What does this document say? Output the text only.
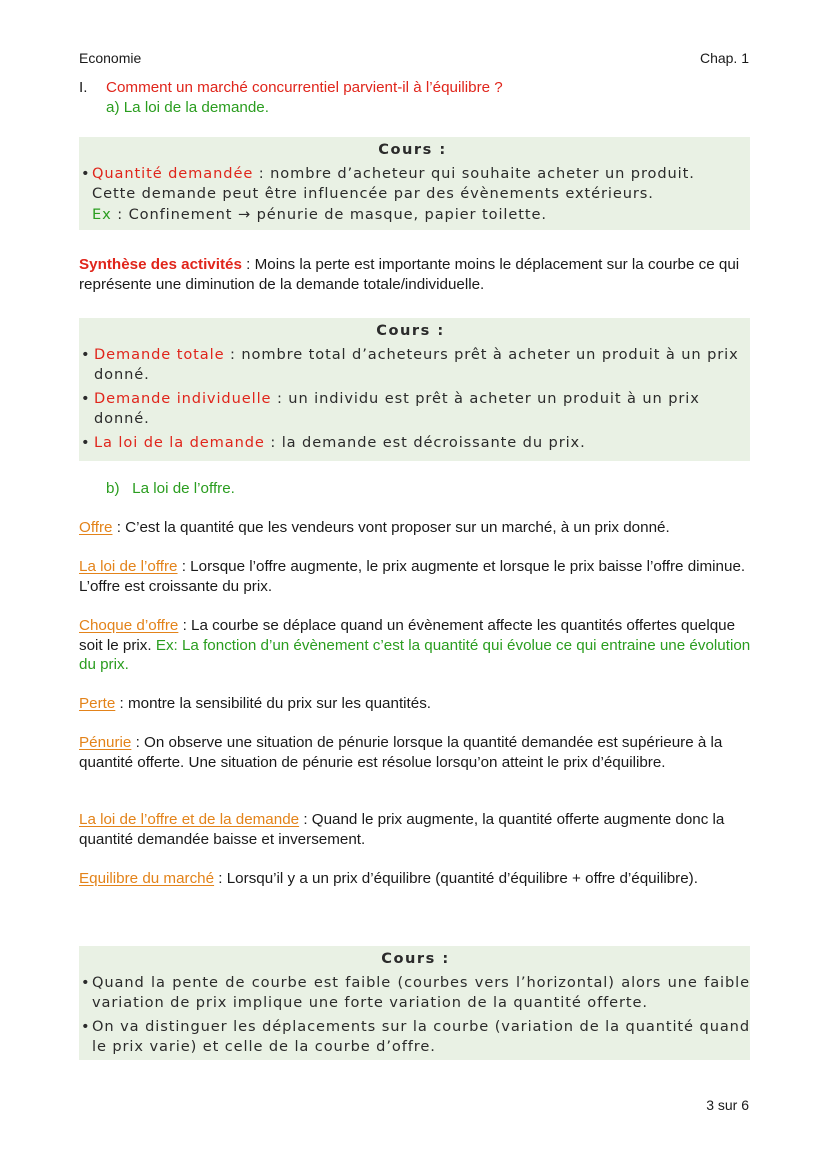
Economie	Chap. 1
I. Comment un marché concurrentiel parvient-il à l’équilibre ?
a) La loi de la demande.
Cours :
• Quantité demandée : nombre d’acheteur qui souhaite acheter un produit.
Cette demande peut être influencée par des évènements extérieurs.
Ex : Confinement → pénurie de masque, papier toilette.
Synthèse des activités : Moins la perte est importante moins le déplacement sur la courbe ce qui représente une diminution de la demande totale/individuelle.
Cours :
• Demande totale : nombre total d’acheteurs prêt à acheter un produit à un prix donné.
• Demande individuelle : un individu est prêt à acheter un produit à un prix donné.
• La loi de la demande : la demande est décroissante du prix.
b)   La loi de l’offre.
Offre : C’est la quantité que les vendeurs vont proposer sur un marché, à un prix donné.
La loi de l’offre : Lorsque l’offre augmente, le prix augmente et lorsque le prix baisse l’offre diminue. L’offre est croissante du prix.
Choque d’offre : La courbe se déplace quand un évènement affecte les quantités offertes quelque soit le prix. Ex: La fonction d’un évènement c’est la quantité qui évolue ce qui entraine une évolution du prix.
Perte : montre la sensibilité du prix sur les quantités.
Pénurie : On observe une situation de pénurie lorsque la quantité demandée est supérieure à la quantité offerte. Une situation de pénurie est résolue lorsqu’on atteint le prix d’équilibre.
La loi de l’offre et de la demande : Quand le prix augmente, la quantité offerte augmente donc la quantité demandée baisse et inversement.
Equilibre du marché : Lorsqu’il y a un prix d’équilibre (quantité d’équilibre + offre d’équilibre).
Cours :
• Quand la pente de courbe est faible (courbes vers l’horizontal) alors une faible variation de prix implique une forte variation de la quantité offerte.
• On va distinguer les déplacements sur la courbe (variation de la quantité quand le prix varie) et celle de la courbe d’offre.
3 sur 6
